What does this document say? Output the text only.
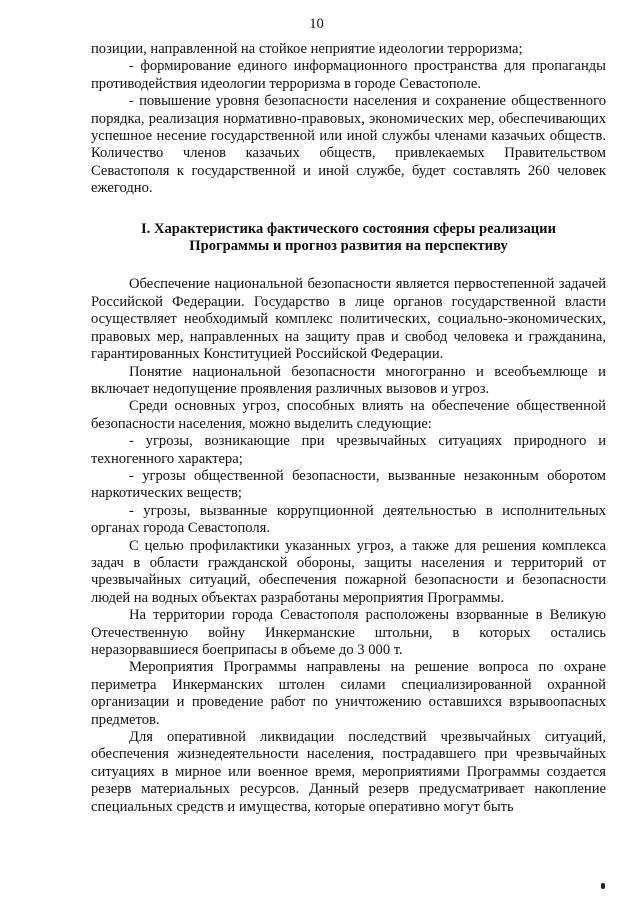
10

позиции, направленной на стойкое неприятие идеологии терроризма;

- формирование единого информационного пространства для пропаганды противодействия идеологии терроризма в городе Севастополе.

- повышение уровня безопасности населения и сохранение общественного порядка, реализация нормативно-правовых, экономических мер, обеспечивающих успешное несение государственной или иной службы членами казачьих обществ. Количество членов казачьих обществ, привлекаемых Правительством Севастополя к государственной и иной службе, будет составлять 260 человек ежегодно.

I. Характеристика фактического состояния сферы реализации
Программы и прогноз развития на перспективу

Обеспечение национальной безопасности является первостепенной задачей Российской Федерации. Государство в лице органов государственной власти осуществляет необходимый комплекс политических, социально-экономических, правовых мер, направленных на защиту прав и свобод человека и гражданина, гарантированных Конституцией Российской Федерации.

Понятие национальной безопасности многогранно и всеобъемлюще и включает недопущение проявления различных вызовов и угроз.

Среди основных угроз, способных влиять на обеспечение общественной безопасности населения, можно выделить следующие:

- угрозы, возникающие при чрезвычайных ситуациях природного и техногенного характера;

- угрозы общественной безопасности, вызванные незаконным оборотом наркотических веществ;

- угрозы, вызванные коррупционной деятельностью в исполнительных органах города Севастополя.

С целью профилактики указанных угроз, а также для решения комплекса задач в области гражданской обороны, защиты населения и территорий от чрезвычайных ситуаций, обеспечения пожарной безопасности и безопасности людей на водных объектах разработаны мероприятия Программы.

На территории города Севастополя расположены взорванные в Великую Отечественную войну Инкерманские штольни, в которых остались неразорвавшиеся боеприпасы в объеме до 3 000 т.

Мероприятия Программы направлены на решение вопроса по охране периметра Инкерманских штолен силами специализированной охранной организации и проведение работ по уничтожению оставшихся взрывоопасных предметов.

Для оперативной ликвидации последствий чрезвычайных ситуаций, обеспечения жизнедеятельности населения, пострадавшего при чрезвычайных ситуациях в мирное или военное время, мероприятиями Программы создается резерв материальных ресурсов. Данный резерв предусматривает накопление специальных средств и имущества, которые оперативно могут быть
